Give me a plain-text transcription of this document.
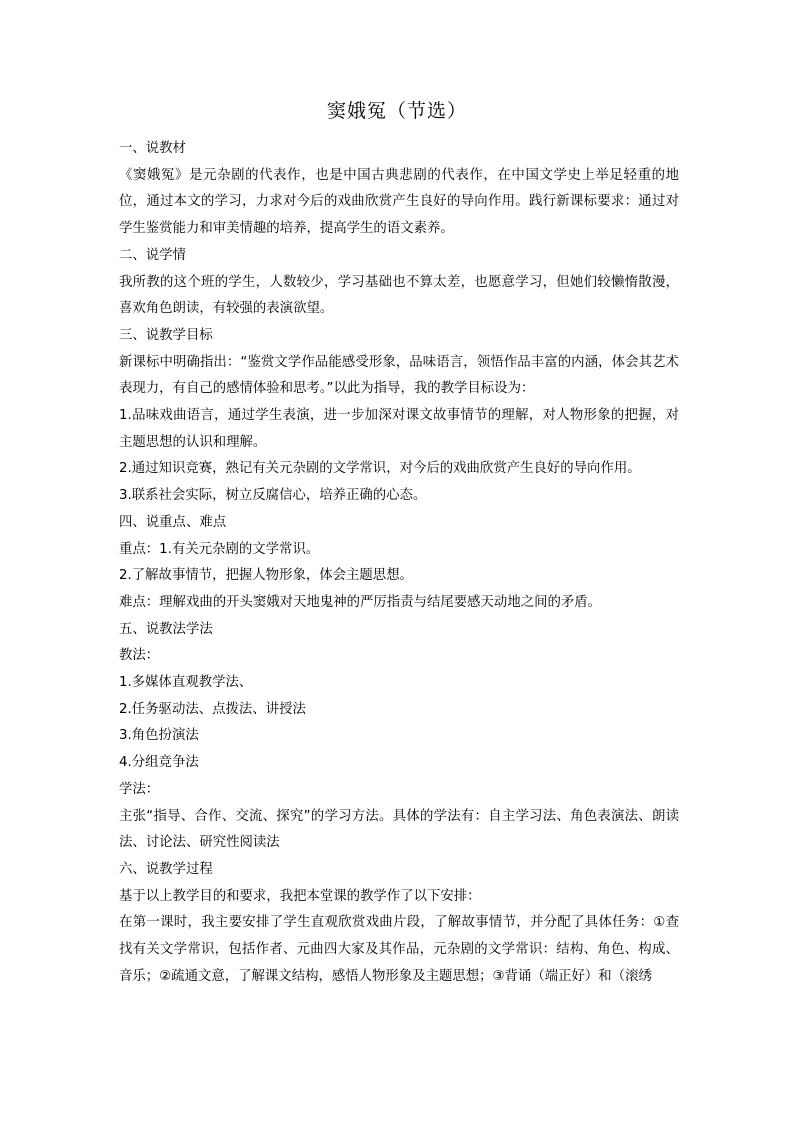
窦娥冤（节选）

一、说教材

《窦娥冤》是元杂剧的代表作，也是中国古典悲剧的代表作，在中国文学史上举足轻重的地位，通过本文的学习，力求对今后的戏曲欣赏产生良好的导向作用。践行新课标要求：通过对学生鉴赏能力和审美情趣的培养，提高学生的语文素养。

二、说学情

我所教的这个班的学生，人数较少，学习基础也不算太差，也愿意学习，但她们较懒惰散漫，喜欢角色朗读，有较强的表演欲望。

三、说教学目标

新课标中明确指出：“鉴赏文学作品能感受形象，品味语言，领悟作品丰富的内涵，体会其艺术表现力，有自己的感情体验和思考。”以此为指导，我的教学目标设为：

1.品味戏曲语言，通过学生表演，进一步加深对课文故事情节的理解，对人物形象的把握，对主题思想的认识和理解。

2.通过知识竞赛，熟记有关元杂剧的文学常识，对今后的戏曲欣赏产生良好的导向作用。

3.联系社会实际，树立反腐信心，培养正确的心态。

四、说重点、难点

重点：1.有关元杂剧的文学常识。

2.了解故事情节，把握人物形象，体会主题思想。

难点：理解戏曲的开头窦娥对天地鬼神的严厉指责与结尾要感天动地之间的矛盾。

五、说教法学法

教法：

1.多媒体直观教学法、

2.任务驱动法、点拨法、讲授法

3.角色扮演法

4.分组竞争法

学法：

主张“指导、合作、交流、探究”的学习方法。具体的学法有：自主学习法、角色表演法、朗读法、讨论法、研究性阅读法

六、说教学过程

基于以上教学目的和要求，我把本堂课的教学作了以下安排：

在第一课时，我主要安排了学生直观欣赏戏曲片段，了解故事情节，并分配了具体任务：①查找有关文学常识，包括作者、元曲四大家及其作品，元杂剧的文学常识：结构、角色、构成、音乐；②疏通文意，了解课文结构，感悟人物形象及主题思想；③背诵（端正好）和（滚绣
